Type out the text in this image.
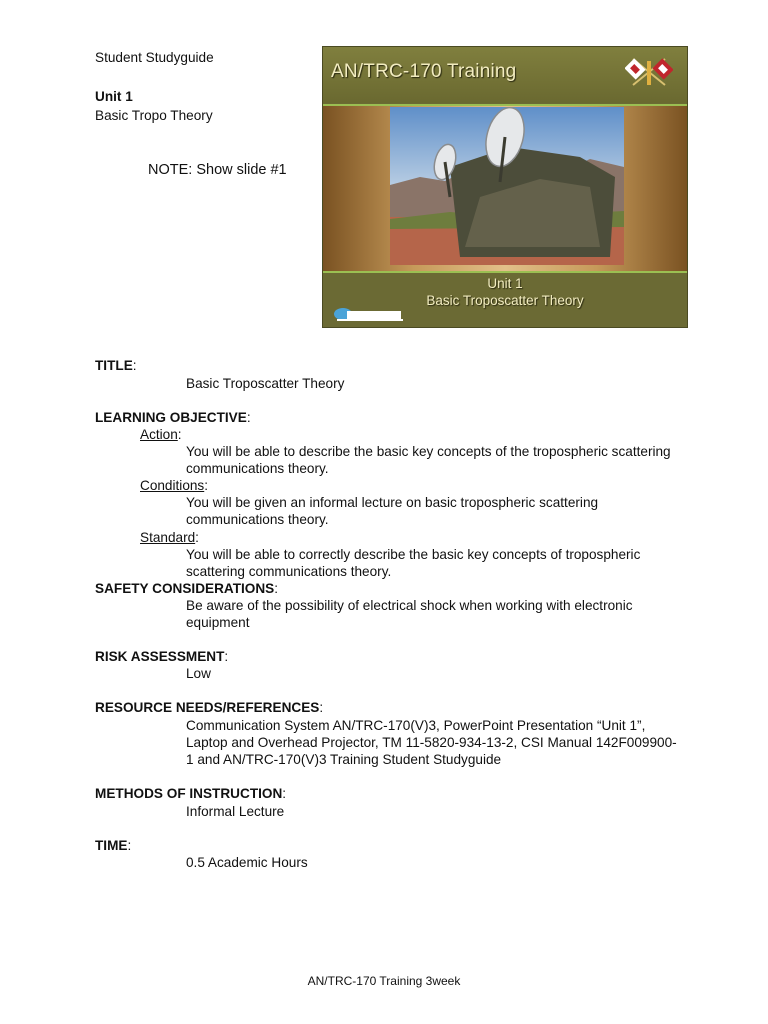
Student Studyguide
Unit 1
Basic Tropo Theory
NOTE: Show slide #1
AN/TRC-170 Training
Unit 1
Basic Troposcatter Theory
TITLE:
Basic Troposcatter Theory
LEARNING OBJECTIVE:
Action:
You will be able to describe the basic key concepts of the tropospheric scattering
communications theory.
Conditions:
You will be given an informal lecture on basic tropospheric scattering
communications theory.
Standard:
You will be able to correctly describe the basic key concepts of tropospheric
scattering communications theory.
SAFETY CONSIDERATIONS:
Be aware of the possibility of electrical shock when working with electronic
equipment
RISK ASSESSMENT:
Low
RESOURCE NEEDS/REFERENCES:
Communication System AN/TRC-170(V)3, PowerPoint Presentation “Unit 1”,
Laptop and Overhead Projector, TM 11-5820-934-13-2, CSI Manual 142F009900-
1 and AN/TRC-170(V)3 Training Student Studyguide
METHODS OF INSTRUCTION:
Informal Lecture
TIME:
0.5 Academic Hours
AN/TRC-170 Training 3week
